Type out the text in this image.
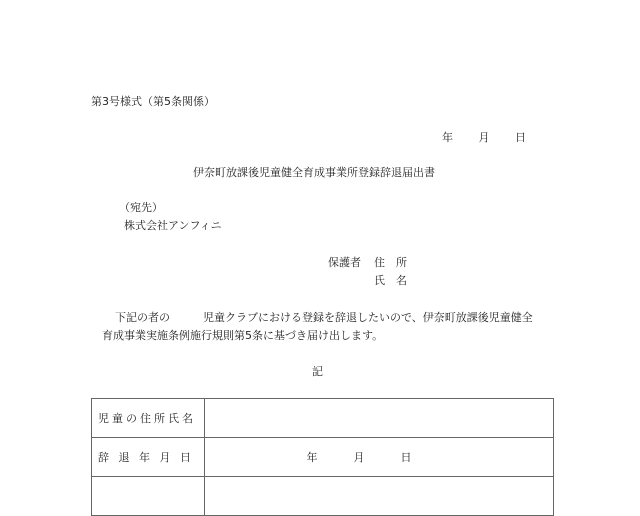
第3号様式（第5条関係）
年 月 日
伊奈町放課後児童健全育成事業所登録辞退届出書
（宛先）
株式会社アンフィニ
保護者 住　所
氏　名
下記の者の　　　児童クラブにおける登録を辞退したいので、伊奈町放課後児童健全
育成事業実施条例施行規則第5条に基づき届け出します。
記
児童の住所氏名	
辞 退 年 月 日	年 月 日
